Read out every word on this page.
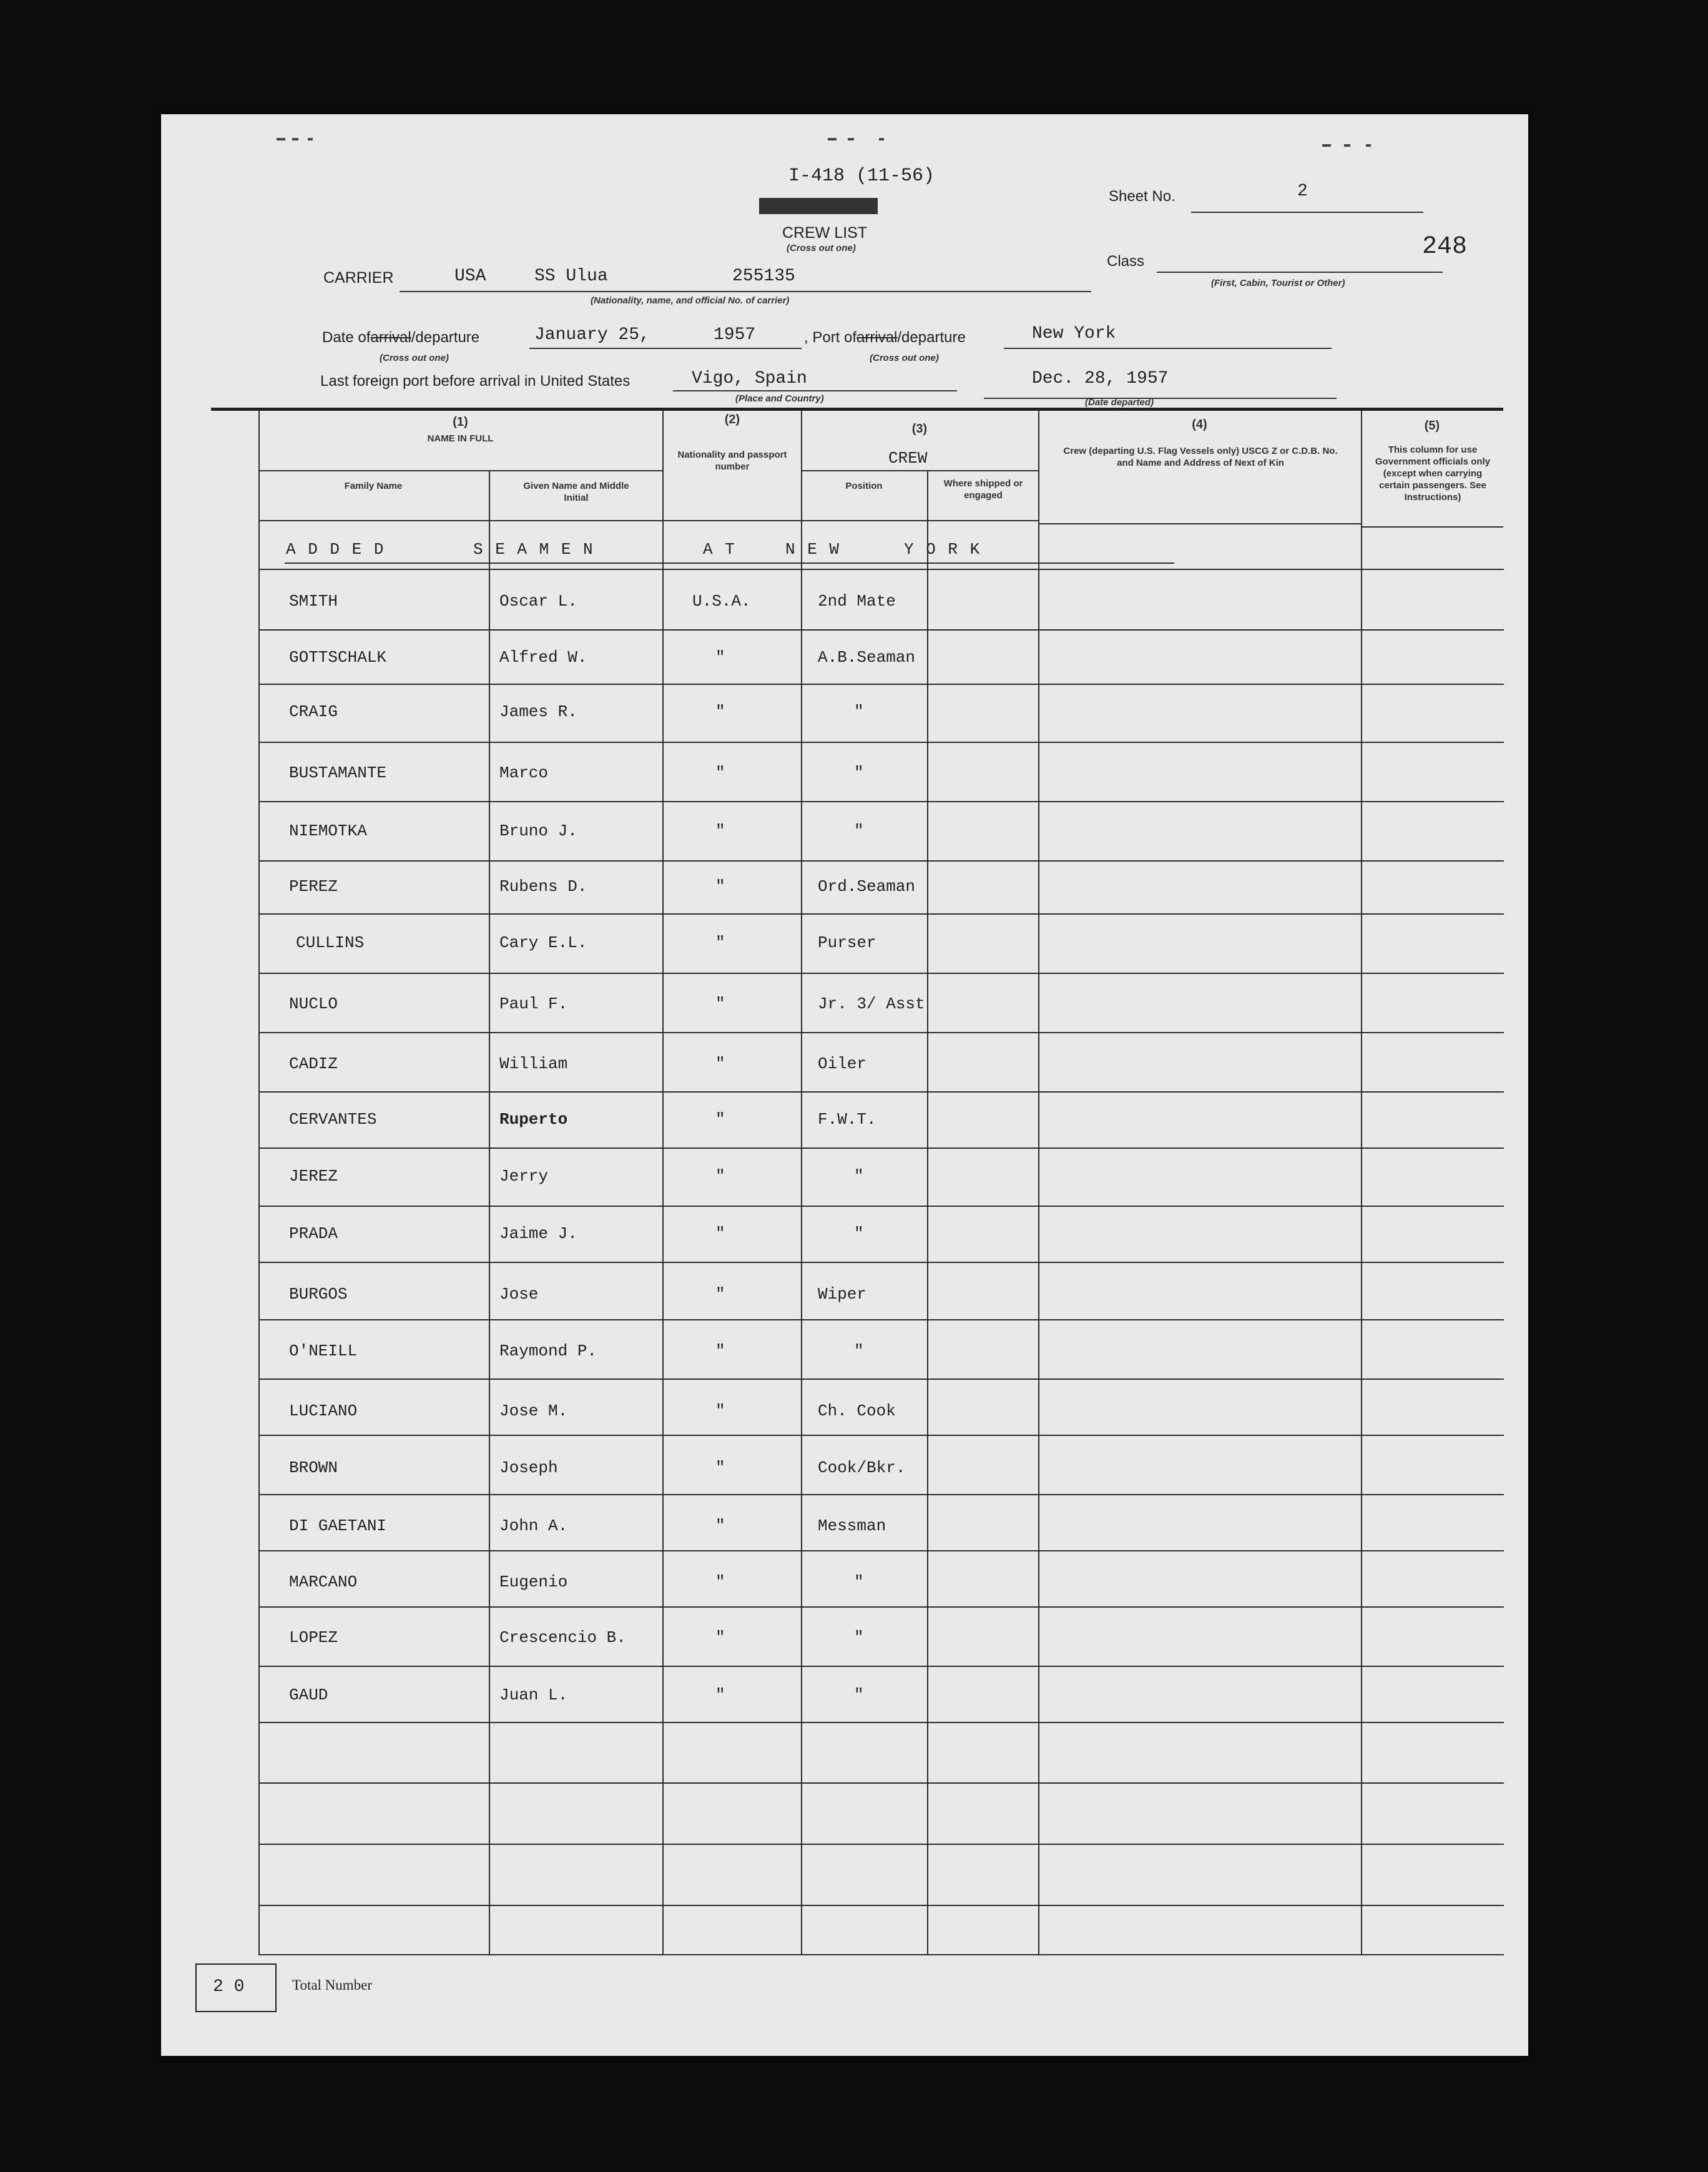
I-418 (11-56)
PASSENGER LIST
CREW LIST
(Cross out one)	248
Sheet No.	2
Class
(First, Cabin, Tourist or Other)
CARRIER	USA	SS Ulua	255135
(Nationality, name, and official No. of carrier)
Date ofarrival/departure	January 25,	1957
(Cross out one)
, Port ofarrival/departure	New York
(Cross out one)
Last foreign port before arrival in United States	Vigo, Spain
(Place and Country)
Dec. 28, 1957
(Date departed)
(1)
NAME IN FULL
Family Name	Given Name and Middle Initial
(2)
Nationality and passport number
(3)
CREW
Position	Where shipped or engaged
(4)
Crew (departing U.S. Flag Vessels only) USCG Z or C.D.B. No. and Name and Address of Next of Kin
(5)
This column for use Government officials only (except when carrying certain passengers. See Instructions)
A D D E D	S E A M E N	A T	N E W	Y O R K
SMITH	Oscar L.	U.S.A.	2nd Mate
GOTTSCHALK	Alfred W.	"	A.B.Seaman
CRAIG	James R.	"	"
BUSTAMANTE	Marco	"	"
NIEMOTKA	Bruno J.	"	"
PEREZ	Rubens D.	"	Ord.Seaman
CULLINS	Cary E.L.	"	Purser
NUCLO	Paul F.	"	Jr. 3/ Asst
CADIZ	William	"	Oiler
CERVANTES	Ruperto	"	F.W.T.
JEREZ	Jerry	"	"
PRADA	Jaime J.	"	"
BURGOS	Jose	"	Wiper
O'NEILL	Raymond P.	"	"
LUCIANO	Jose M.	"	Ch. Cook
BROWN	Joseph	"	Cook/Bkr.
DI GAETANI	John A.	"	Messman
MARCANO	Eugenio	"	"
LOPEZ	Crescencio B.	"	"
GAUD	Juan L.	"	"
2 0	Total Number
